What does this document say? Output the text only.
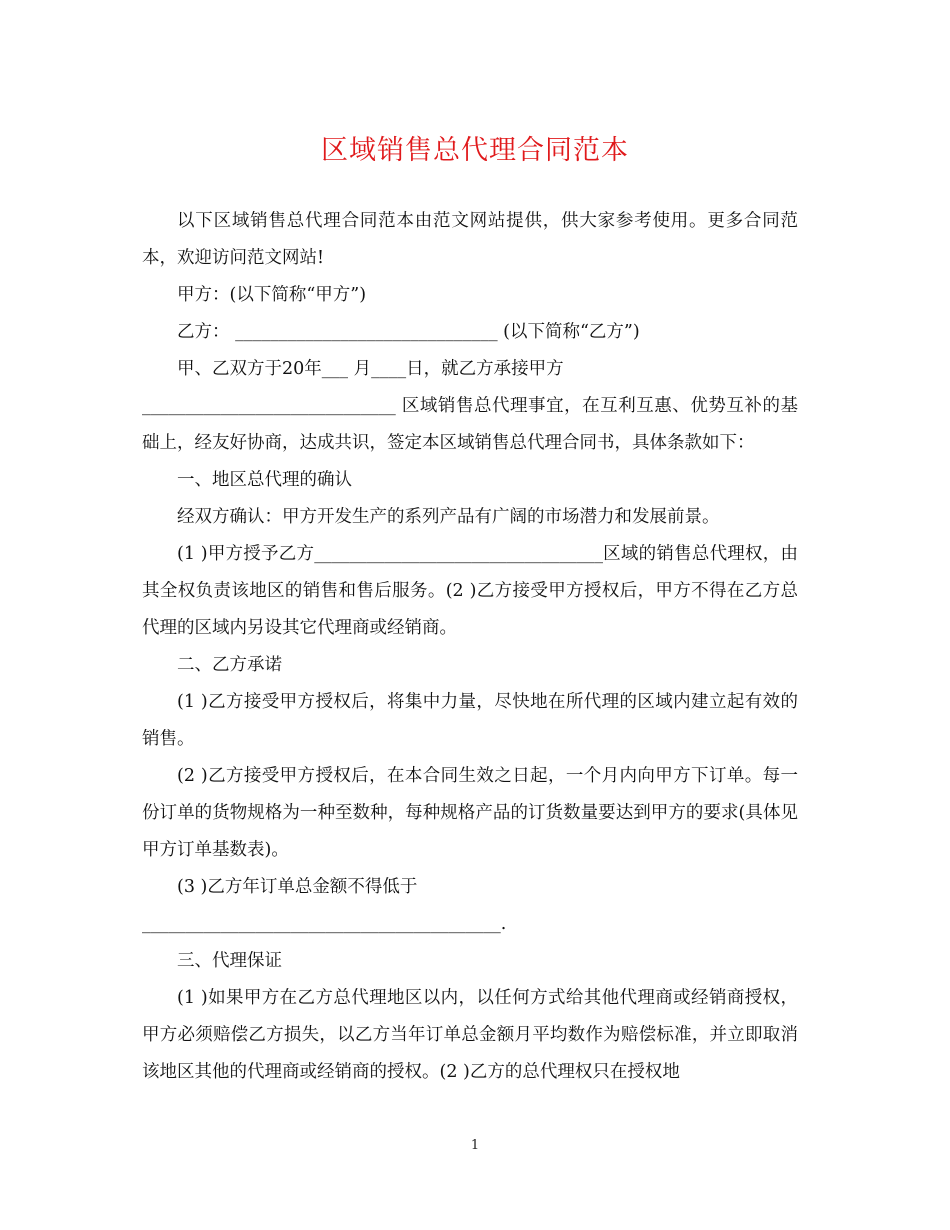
区域销售总代理合同范本

以下区域销售总代理合同范本由范文网站提供，供大家参考使用。更多合同范本，欢迎访问范文网站!

甲方：(以下简称“甲方”)

乙方： ______________________________ (以下简称“乙方”)

甲、乙双方于20年___ 月____日，就乙方承接甲方

_____________________________ 区域销售总代理事宜，在互利互惠、优势互补的基础上，经友好协商，达成共识，签定本区域销售总代理合同书，具体条款如下：

一、地区总代理的确认

经双方确认：甲方开发生产的系列产品有广阔的市场潜力和发展前景。

(1 )甲方授予乙方_________________________________区域的销售总代理权，由其全权负责该地区的销售和售后服务。(2 )乙方接受甲方授权后，甲方不得在乙方总代理的区域内另设其它代理商或经销商。

二、乙方承诺

(1 )乙方接受甲方授权后，将集中力量，尽快地在所代理的区域内建立起有效的销售。

(2 )乙方接受甲方授权后，在本合同生效之日起，一个月内向甲方下订单。每一份订单的货物规格为一种至数种，每种规格产品的订货数量要达到甲方的要求(具体见甲方订单基数表)。

(3 )乙方年订单总金额不得低于

_________________________________________.

三、代理保证

(1 )如果甲方在乙方总代理地区以内，以任何方式给其他代理商或经销商授权，甲方必须赔偿乙方损失，以乙方当年订单总金额月平均数作为赔偿标准，并立即取消该地区其他的代理商或经销商的授权。(2 )乙方的总代理权只在授权地

1
